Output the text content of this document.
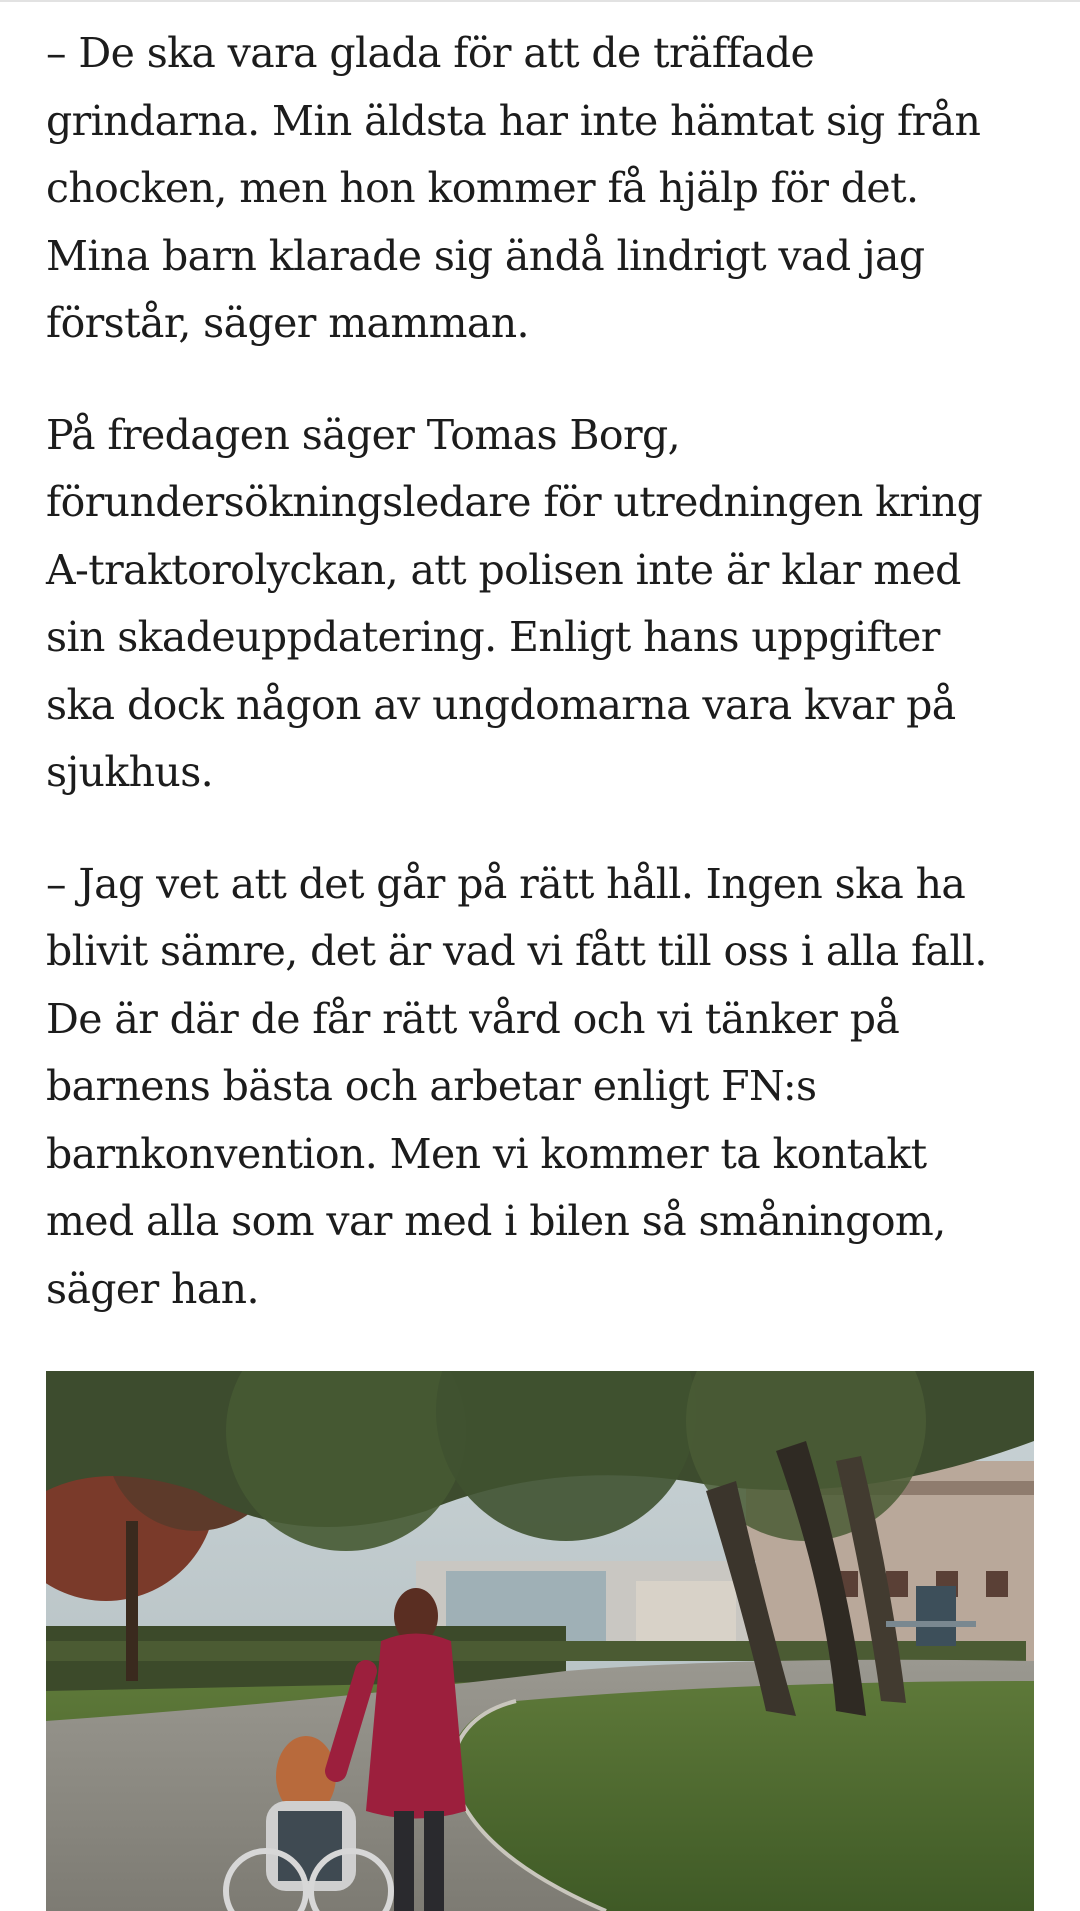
– De ska vara glada för att de träffade
grindarna. Min äldsta har inte hämtat sig från
chocken, men hon kommer få hjälp för det.
Mina barn klarade sig ändå lindrigt vad jag
förstår, säger mamman.

På fredagen säger Tomas Borg,
förundersökningsledare för utredningen kring
A-traktorolyckan, att polisen inte är klar med
sin skadeuppdatering. Enligt hans uppgifter
ska dock någon av ungdomarna vara kvar på
sjukhus.

– Jag vet att det går på rätt håll. Ingen ska ha
blivit sämre, det är vad vi fått till oss i alla fall.
De är där de får rätt vård och vi tänker på
barnens bästa och arbetar enligt FN:s
barnkonvention. Men vi kommer ta kontakt
med alla som var med i bilen så småningom,
säger han.
